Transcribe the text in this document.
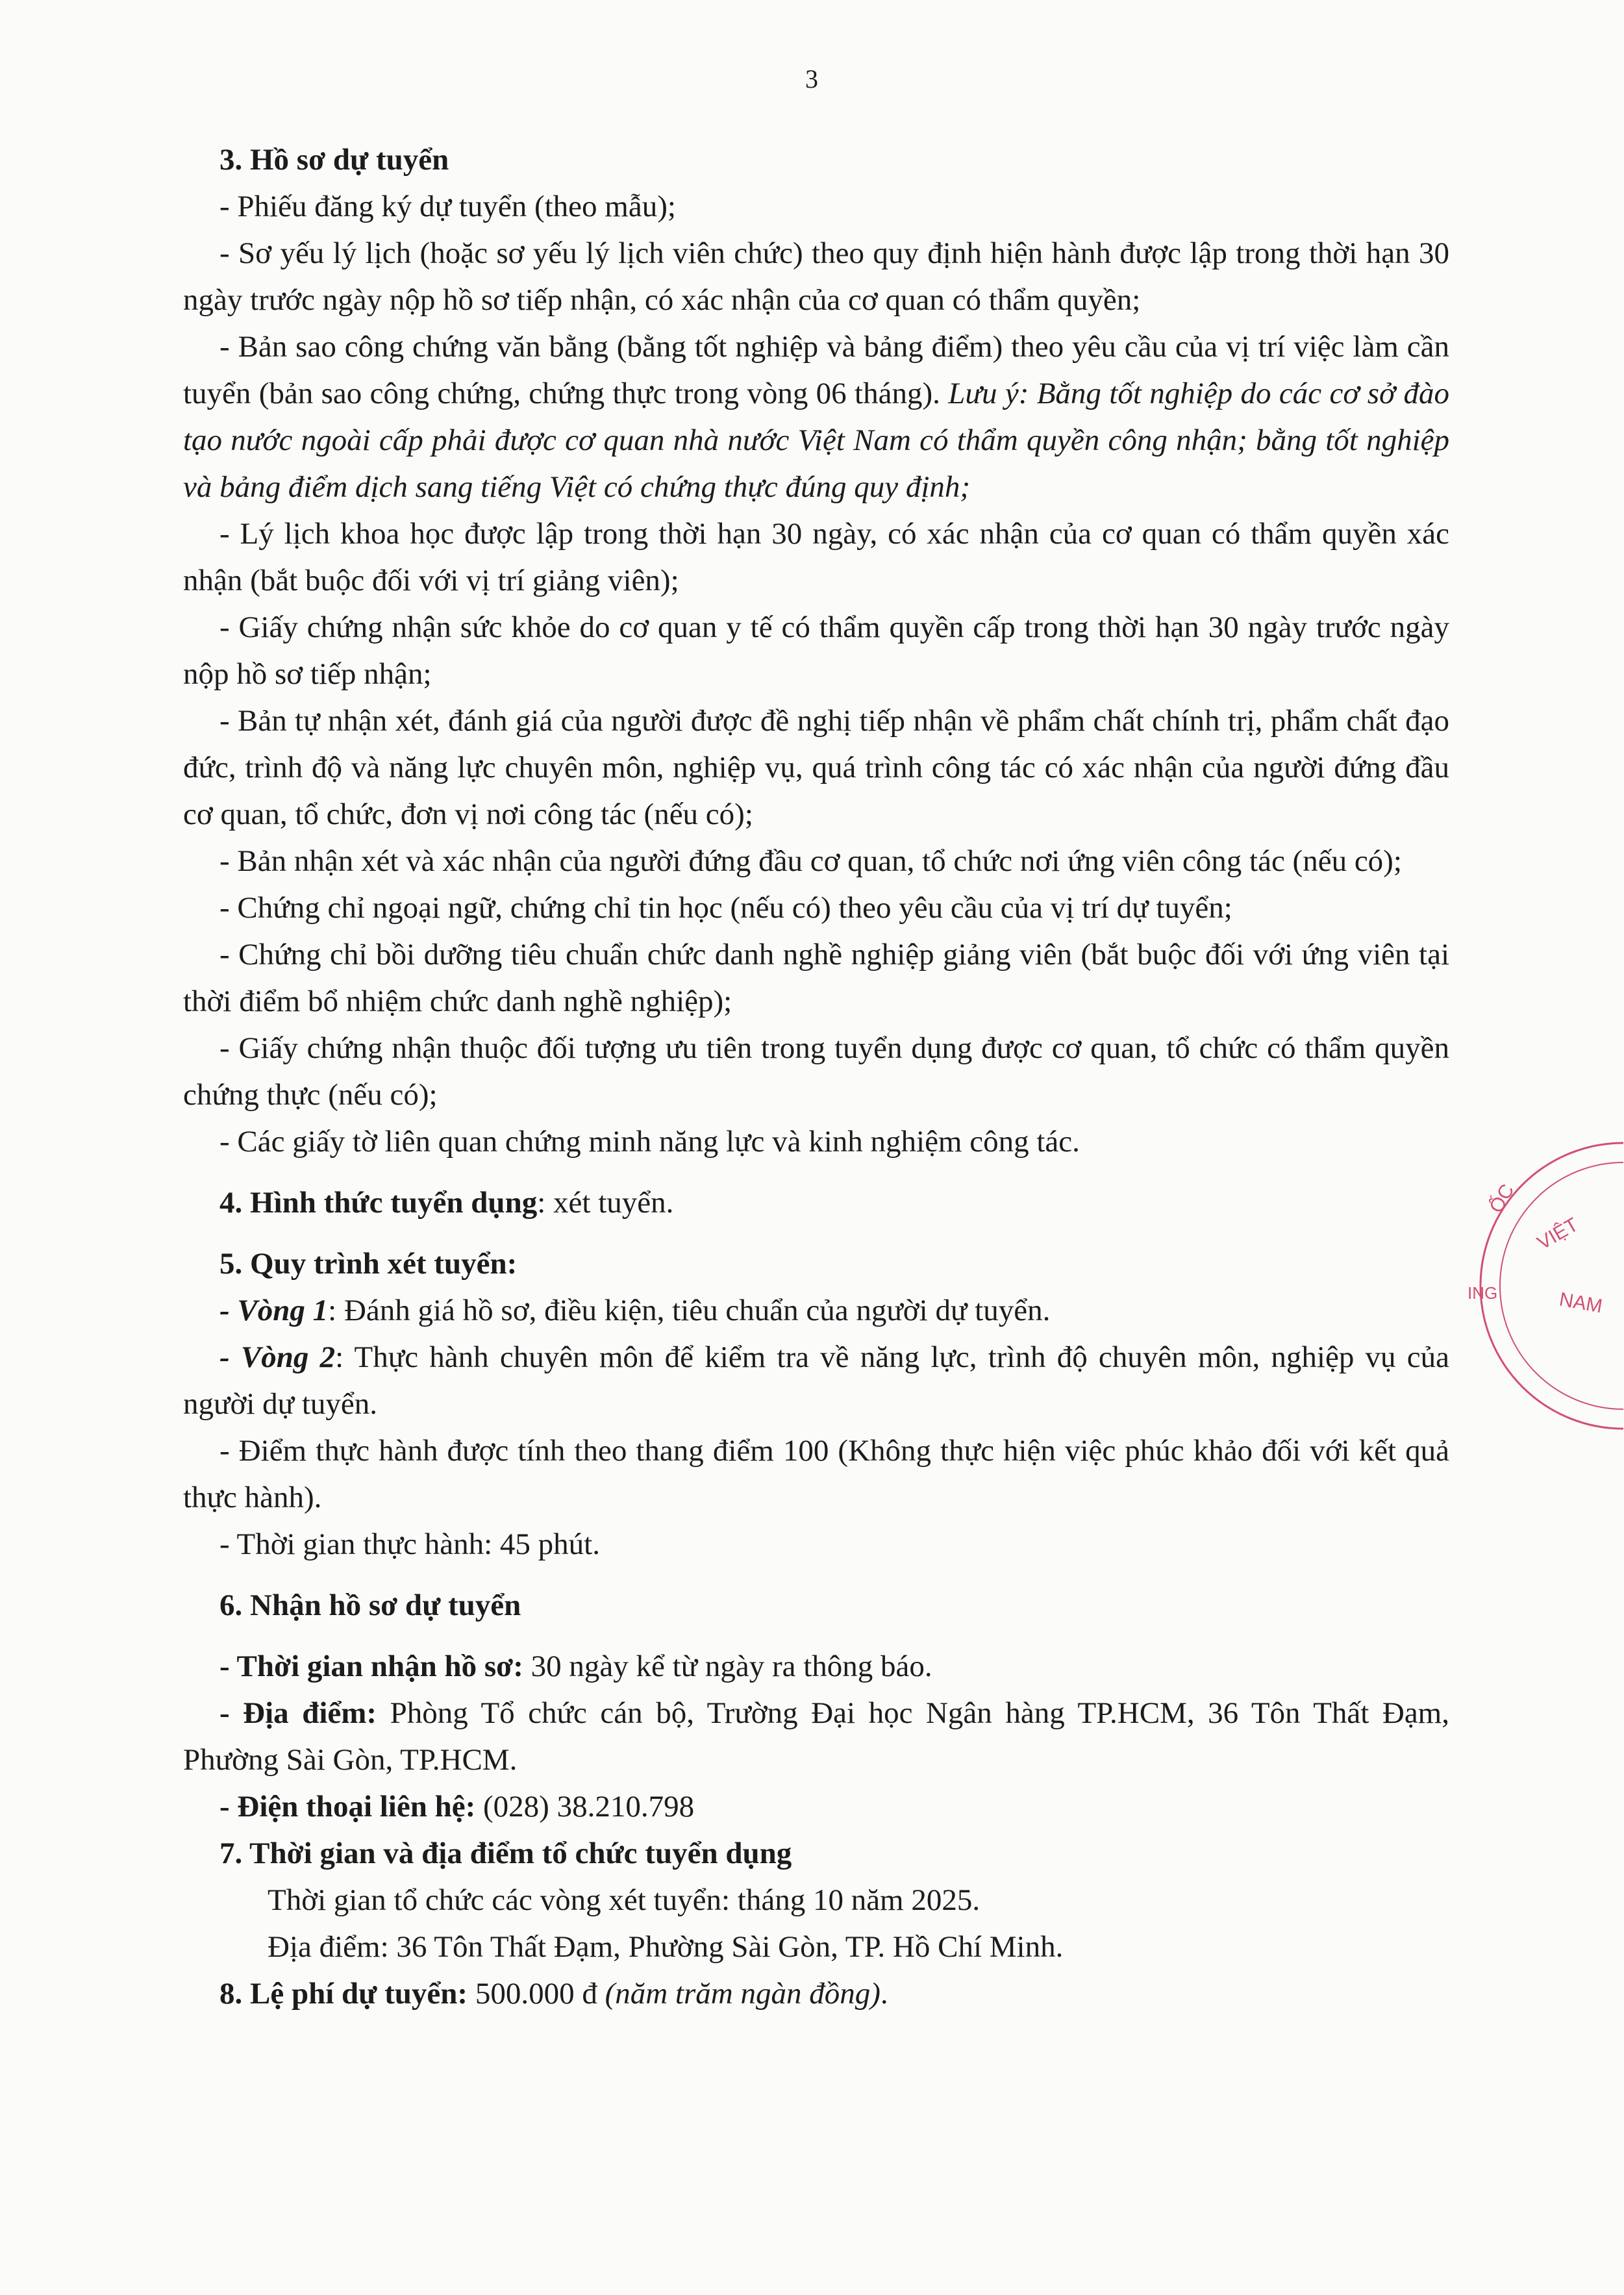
3
3. Hồ sơ dự tuyển
- Phiếu đăng ký dự tuyển (theo mẫu);
- Sơ yếu lý lịch (hoặc sơ yếu lý lịch viên chức) theo quy định hiện hành được lập trong thời hạn 30 ngày trước ngày nộp hồ sơ tiếp nhận, có xác nhận của cơ quan có thẩm quyền;
- Bản sao công chứng văn bằng (bằng tốt nghiệp và bảng điểm) theo yêu cầu của vị trí việc làm cần tuyển (bản sao công chứng, chứng thực trong vòng 06 tháng). Lưu ý: Bằng tốt nghiệp do các cơ sở đào tạo nước ngoài cấp phải được cơ quan nhà nước Việt Nam có thẩm quyền công nhận; bằng tốt nghiệp và bảng điểm dịch sang tiếng Việt có chứng thực đúng quy định;
- Lý lịch khoa học được lập trong thời hạn 30 ngày, có xác nhận của cơ quan có thẩm quyền xác nhận (bắt buộc đối với vị trí giảng viên);
- Giấy chứng nhận sức khỏe do cơ quan y tế có thẩm quyền cấp trong thời hạn 30 ngày trước ngày nộp hồ sơ tiếp nhận;
- Bản tự nhận xét, đánh giá của người được đề nghị tiếp nhận về phẩm chất chính trị, phẩm chất đạo đức, trình độ và năng lực chuyên môn, nghiệp vụ, quá trình công tác có xác nhận của người đứng đầu cơ quan, tổ chức, đơn vị nơi công tác (nếu có);
- Bản nhận xét và xác nhận của người đứng đầu cơ quan, tổ chức nơi ứng viên công tác (nếu có);
- Chứng chỉ ngoại ngữ, chứng chỉ tin học (nếu có) theo yêu cầu của vị trí dự tuyển;
- Chứng chỉ bồi dưỡng tiêu chuẩn chức danh nghề nghiệp giảng viên (bắt buộc đối với ứng viên tại thời điểm bổ nhiệm chức danh nghề nghiệp);
- Giấy chứng nhận thuộc đối tượng ưu tiên trong tuyển dụng được cơ quan, tổ chức có thẩm quyền chứng thực (nếu có);
- Các giấy tờ liên quan chứng minh năng lực và kinh nghiệm công tác.
4. Hình thức tuyển dụng: xét tuyển.
5. Quy trình xét tuyển:
- Vòng 1: Đánh giá hồ sơ, điều kiện, tiêu chuẩn của người dự tuyển.
- Vòng 2: Thực hành chuyên môn để kiểm tra về năng lực, trình độ chuyên môn, nghiệp vụ của người dự tuyển.
- Điểm thực hành được tính theo thang điểm 100 (Không thực hiện việc phúc khảo đối với kết quả thực hành).
- Thời gian thực hành: 45 phút.
6. Nhận hồ sơ dự tuyển
- Thời gian nhận hồ sơ: 30 ngày kể từ ngày ra thông báo.
- Địa điểm: Phòng Tổ chức cán bộ, Trường Đại học Ngân hàng TP.HCM, 36 Tôn Thất Đạm, Phường Sài Gòn, TP.HCM.
- Điện thoại liên hệ: (028) 38.210.798
7. Thời gian và địa điểm tổ chức tuyển dụng
Thời gian tổ chức các vòng xét tuyển: tháng 10 năm 2025.
Địa điểm: 36 Tôn Thất Đạm, Phường Sài Gòn, TP. Hồ Chí Minh.
8. Lệ phí dự tuyển: 500.000 đ (năm trăm ngàn đồng).
ỐC
VIỆT
NAM
ING
